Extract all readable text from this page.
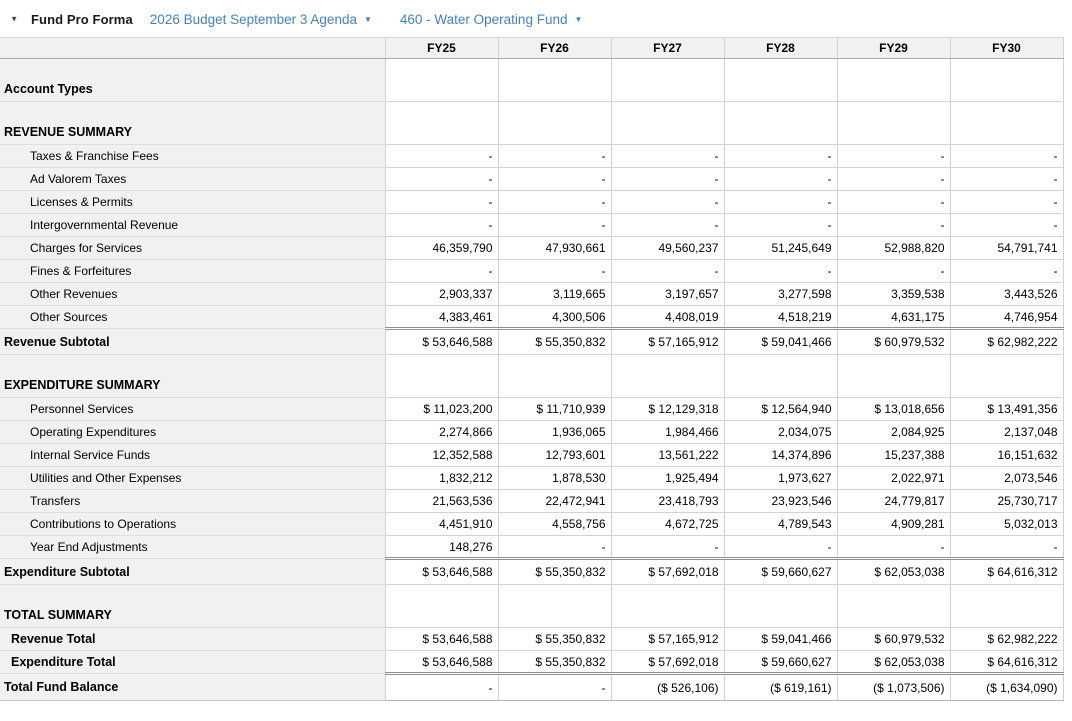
▼ Fund Pro Forma 2026 Budget September 3 Agenda ▼ 460 - Water Operating Fund ▼
	FY25	FY26	FY27	FY28	FY29	FY30
Account Types						
REVENUE SUMMARY						
Taxes & Franchise Fees	-	-	-	-	-	-
Ad Valorem Taxes	-	-	-	-	-	-
Licenses & Permits	-	-	-	-	-	-
Intergovernmental Revenue	-	-	-	-	-	-
Charges for Services	46,359,790	47,930,661	49,560,237	51,245,649	52,988,820	54,791,741
Fines & Forfeitures	-	-	-	-	-	-
Other Revenues	2,903,337	3,119,665	3,197,657	3,277,598	3,359,538	3,443,526
Other Sources	4,383,461	4,300,506	4,408,019	4,518,219	4,631,175	4,746,954
Revenue Subtotal	$ 53,646,588	$ 55,350,832	$ 57,165,912	$ 59,041,466	$ 60,979,532	$ 62,982,222
EXPENDITURE SUMMARY						
Personnel Services	$ 11,023,200	$ 11,710,939	$ 12,129,318	$ 12,564,940	$ 13,018,656	$ 13,491,356
Operating Expenditures	2,274,866	1,936,065	1,984,466	2,034,075	2,084,925	2,137,048
Internal Service Funds	12,352,588	12,793,601	13,561,222	14,374,896	15,237,388	16,151,632
Utilities and Other Expenses	1,832,212	1,878,530	1,925,494	1,973,627	2,022,971	2,073,546
Transfers	21,563,536	22,472,941	23,418,793	23,923,546	24,779,817	25,730,717
Contributions to Operations	4,451,910	4,558,756	4,672,725	4,789,543	4,909,281	5,032,013
Year End Adjustments	148,276	-	-	-	-	-
Expenditure Subtotal	$ 53,646,588	$ 55,350,832	$ 57,692,018	$ 59,660,627	$ 62,053,038	$ 64,616,312
TOTAL SUMMARY						
Revenue Total	$ 53,646,588	$ 55,350,832	$ 57,165,912	$ 59,041,466	$ 60,979,532	$ 62,982,222
Expenditure Total	$ 53,646,588	$ 55,350,832	$ 57,692,018	$ 59,660,627	$ 62,053,038	$ 64,616,312
Total Fund Balance	-	-	($ 526,106)	($ 619,161)	($ 1,073,506)	($ 1,634,090)
